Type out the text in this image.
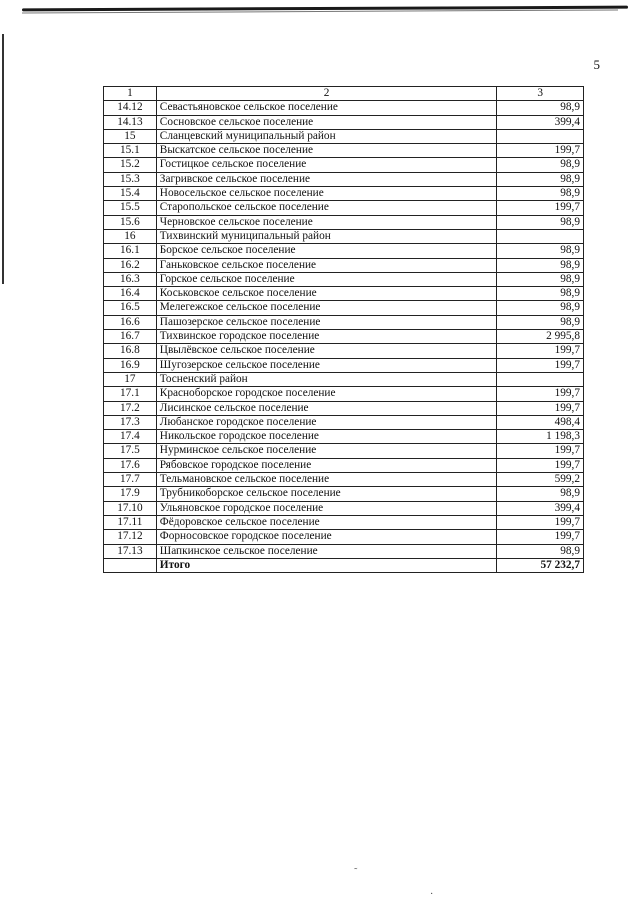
5
1	2	3
14.12	Севастьяновское сельское поселение	98,9
14.13	Сосновское сельское поселение	399,4
15	Сланцевский муниципальный район	
15.1	Выскатское сельское поселение	199,7
15.2	Гостицкое сельское поселение	98,9
15.3	Загривское сельское поселение	98,9
15.4	Новосельское сельское поселение	98,9
15.5	Старопольское сельское поселение	199,7
15.6	Черновское сельское поселение	98,9
16	Тихвинский муниципальный район	
16.1	Борское сельское поселение	98,9
16.2	Ганьковское сельское поселение	98,9
16.3	Горское сельское поселение	98,9
16.4	Коськовское сельское поселение	98,9
16.5	Мелегежское сельское поселение	98,9
16.6	Пашозерское сельское поселение	98,9
16.7	Тихвинское городское поселение	2 995,8
16.8	Цвылёвское сельское поселение	199,7
16.9	Шугозерское сельское поселение	199,7
17	Тосненский район	
17.1	Красноборское городское поселение	199,7
17.2	Лисинское сельское поселение	199,7
17.3	Любанское городское поселение	498,4
17.4	Никольское городское поселение	1 198,3
17.5	Нурминское сельское поселение	199,7
17.6	Рябовское городское поселение	199,7
17.7	Тельмановское сельское поселение	599,2
17.9	Трубникоборское сельское поселение	98,9
17.10	Ульяновское городское поселение	399,4
17.11	Фёдоровское сельское поселение	199,7
17.12	Форносовское городское поселение	199,7
17.13	Шапкинское сельское поселение	98,9
	Итого	57 232,7
˜
·
